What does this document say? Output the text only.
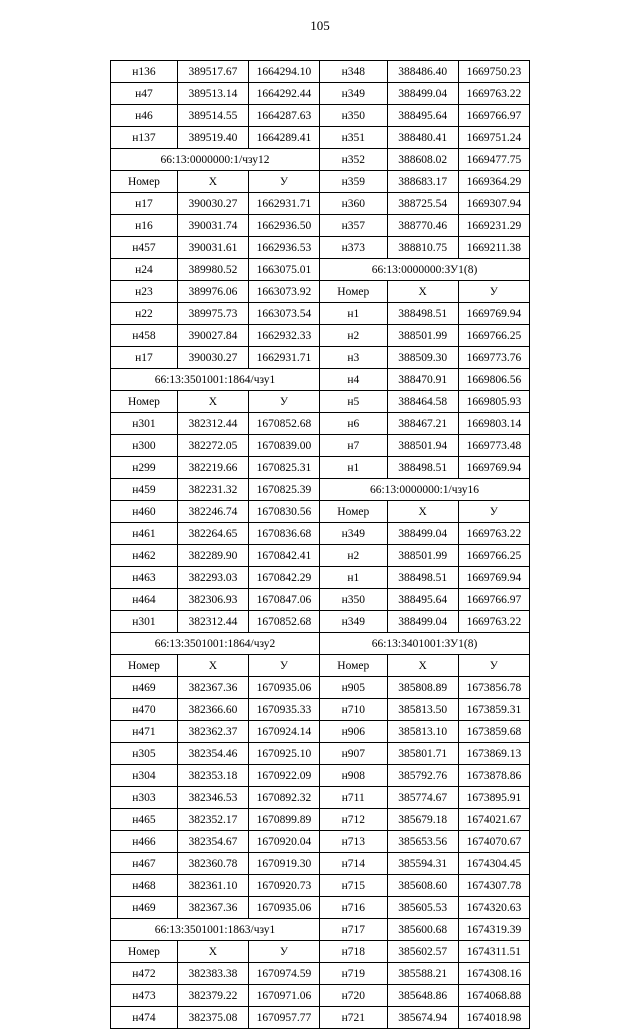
105
н136	389517.67	1664294.10
н47	389513.14	1664292.44
н46	389514.55	1664287.63
н137	389519.40	1664289.41
66:13:0000000:1/чзу12		
Номер	X	У
н17	390030.27	1662931.71
н16	390031.74	1662936.50
н457	390031.61	1662936.53
н24	389980.52	1663075.01
н23	389976.06	1663073.92
н22	389975.73	1663073.54
н458	390027.84	1662932.33
н17	390030.27	1662931.71
66:13:3501001:1864/чзу1		
Номер	X	У
н301	382312.44	1670852.68
н300	382272.05	1670839.00
н299	382219.66	1670825.31
н459	382231.32	1670825.39
н460	382246.74	1670830.56
н461	382264.65	1670836.68
н462	382289.90	1670842.41
н463	382293.03	1670842.29
н464	382306.93	1670847.06
н301	382312.44	1670852.68
66:13:3501001:1864/чзу2		
Номер	X	У
н469	382367.36	1670935.06
н470	382366.60	1670935.33
н471	382362.37	1670924.14
н305	382354.46	1670925.10
н304	382353.18	1670922.09
н303	382346.53	1670892.32
н465	382352.17	1670899.89
н466	382354.67	1670920.04
н467	382360.78	1670919.30
н468	382361.10	1670920.73
н469	382367.36	1670935.06
66:13:3501001:1863/чзу1		
Номер	X	У
н472	382383.38	1670974.59
н473	382379.22	1670971.06
н474	382375.08	1670957.77
н348	388486.40	1669750.23
н349	388499.04	1669763.22
н350	388495.64	1669766.97
н351	388480.41	1669751.24
н352	388608.02	1669477.75
н359	388683.17	1669364.29
н360	388725.54	1669307.94
н357	388770.46	1669231.29
н373	388810.75	1669211.38
66:13:0000000:ЗУ1(8)		
Номер	X	У
н1	388498.51	1669769.94
н2	388501.99	1669766.25
н3	388509.30	1669773.76
н4	388470.91	1669806.56
н5	388464.58	1669805.93
н6	388467.21	1669803.14
н7	388501.94	1669773.48
н1	388498.51	1669769.94
66:13:0000000:1/чзу16		
Номер	X	У
н349	388499.04	1669763.22
н2	388501.99	1669766.25
н1	388498.51	1669769.94
н350	388495.64	1669766.97
н349	388499.04	1669763.22
66:13:3401001:ЗУ1(8)		
Номер	X	У
н905	385808.89	1673856.78
н710	385813.50	1673859.31
н906	385813.10	1673859.68
н907	385801.71	1673869.13
н908	385792.76	1673878.86
н711	385774.67	1673895.91
н712	385679.18	1674021.67
н713	385653.56	1674070.67
н714	385594.31	1674304.45
н715	385608.60	1674307.78
н716	385605.53	1674320.63
н717	385600.68	1674319.39
н718	385602.57	1674311.51
н719	385588.21	1674308.16
н720	385648.86	1674068.88
н721	385674.94	1674018.98
